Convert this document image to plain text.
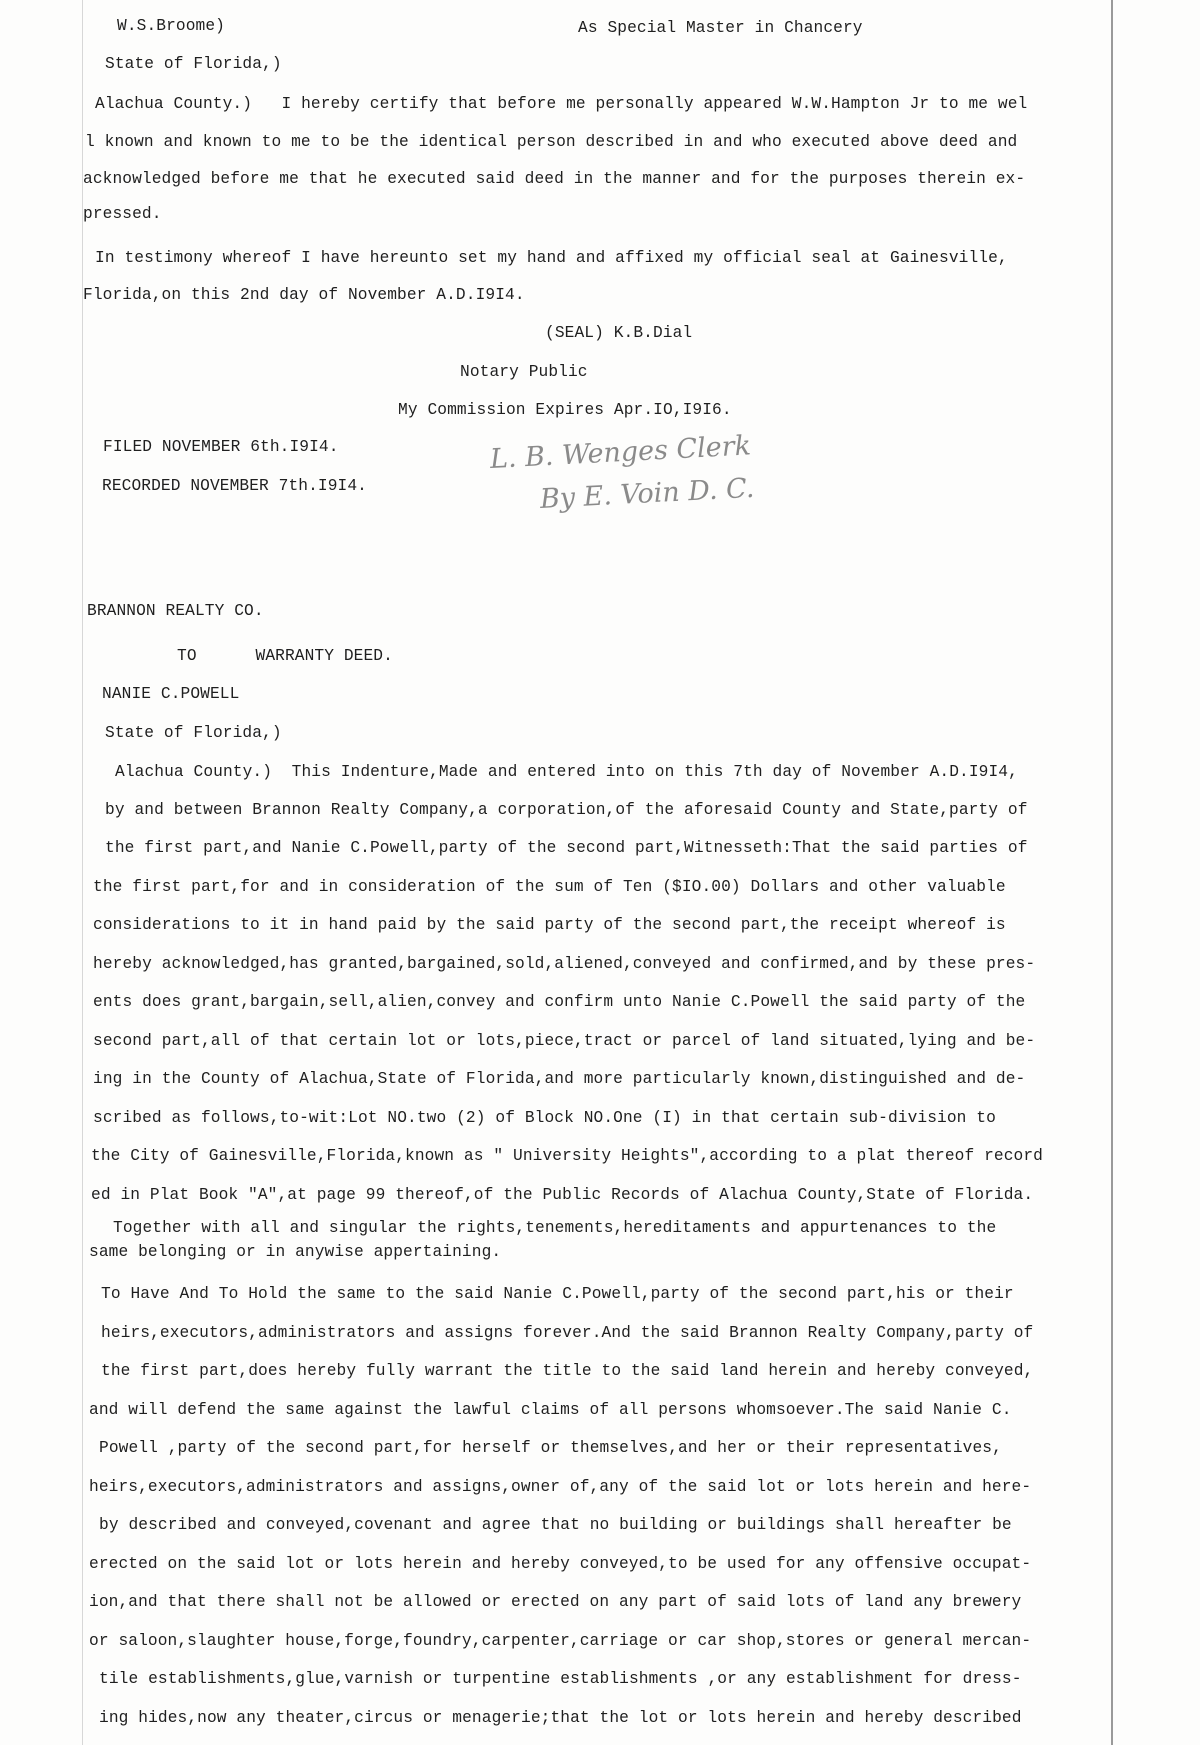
W.S.Broome)	As Special Master in Chancery
State of Florida,)
Alachua County.)   I hereby certify that before me personally appeared W.W.Hampton Jr to me wel
l known and known to me to be the identical person described in and who executed above deed and
acknowledged before me that he executed said deed in the manner and for the purposes therein ex-
pressed.
In testimony whereof I have hereunto set my hand and affixed my official seal at Gainesville,
Florida,on this 2nd day of November A.D.I9I4.
(SEAL) K.B.Dial
Notary Public
My Commission Expires Apr.IO,I9I6.
FILED NOVEMBER 6th.I9I4.
RECORDED NOVEMBER 7th.I9I4.
L. B. Wenges Clerk
By E. Voin D. C.
BRANNON REALTY CO.
TO      WARRANTY DEED.
NANIE C.POWELL
State of Florida,)
Alachua County.)  This Indenture,Made and entered into on this 7th day of November A.D.I9I4,
by and between Brannon Realty Company,a corporation,of the aforesaid County and State,party of
the first part,and Nanie C.Powell,party of the second part,Witnesseth:That the said parties of
the first part,for and in consideration of the sum of Ten ($IO.00) Dollars and other valuable
considerations to it in hand paid by the said party of the second part,the receipt whereof is
hereby acknowledged,has granted,bargained,sold,aliened,conveyed and confirmed,and by these pres-
ents does grant,bargain,sell,alien,convey and confirm unto Nanie C.Powell the said party of the
second part,all of that certain lot or lots,piece,tract or parcel of land situated,lying and be-
ing in the County of Alachua,State of Florida,and more particularly known,distinguished and de-
scribed as follows,to-wit:Lot NO.two (2) of Block NO.One (I) in that certain sub-division to
the City of Gainesville,Florida,known as " University Heights",according to a plat thereof record
ed in Plat Book "A",at page 99 thereof,of the Public Records of Alachua County,State of Florida.
Together with all and singular the rights,tenements,hereditaments and appurtenances to the
same belonging or in anywise appertaining.
To Have And To Hold the same to the said Nanie C.Powell,party of the second part,his or their
heirs,executors,administrators and assigns forever.And the said Brannon Realty Company,party of
the first part,does hereby fully warrant the title to the said land herein and hereby conveyed,
and will defend the same against the lawful claims of all persons whomsoever.The said Nanie C.
Powell ,party of the second part,for herself or themselves,and her or their representatives,
heirs,executors,administrators and assigns,owner of,any of the said lot or lots herein and here-
by described and conveyed,covenant and agree that no building or buildings shall hereafter be
erected on the said lot or lots herein and hereby conveyed,to be used for any offensive occupat-
ion,and that there shall not be allowed or erected on any part of said lots of land any brewery
or saloon,slaughter house,forge,foundry,carpenter,carriage or car shop,stores or general mercan-
tile establishments,glue,varnish or turpentine establishments ,or any establishment for dress-
ing hides,now any theater,circus or menagerie;that the lot or lots herein and hereby described
